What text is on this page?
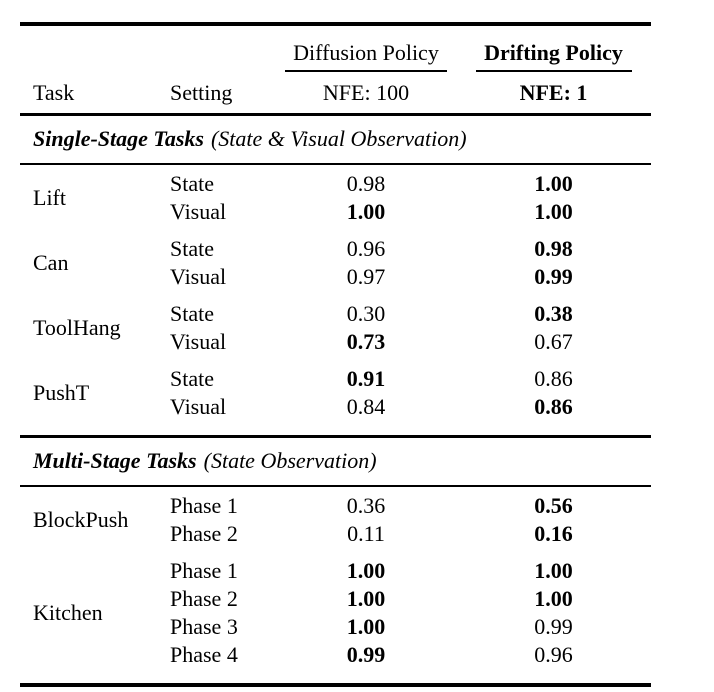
Diffusion Policy Drifting Policy
Task	Setting	NFE: 100	NFE: 1
Single-Stage Tasks (State & Visual Observation)
Lift
State	0.98	1.00
Visual	1.00	1.00
Can
State	0.96	0.98
Visual	0.97	0.99
ToolHang
State	0.30	0.38
Visual	0.73	0.67
PushT
State	0.91	0.86
Visual	0.84	0.86
Multi-Stage Tasks (State Observation)
BlockPush
Phase 1	0.36	0.56
Phase 2	0.11	0.16
Kitchen
Phase 1	1.00	1.00
Phase 2	1.00	1.00
Phase 3	1.00	0.99
Phase 4	0.99	0.96
